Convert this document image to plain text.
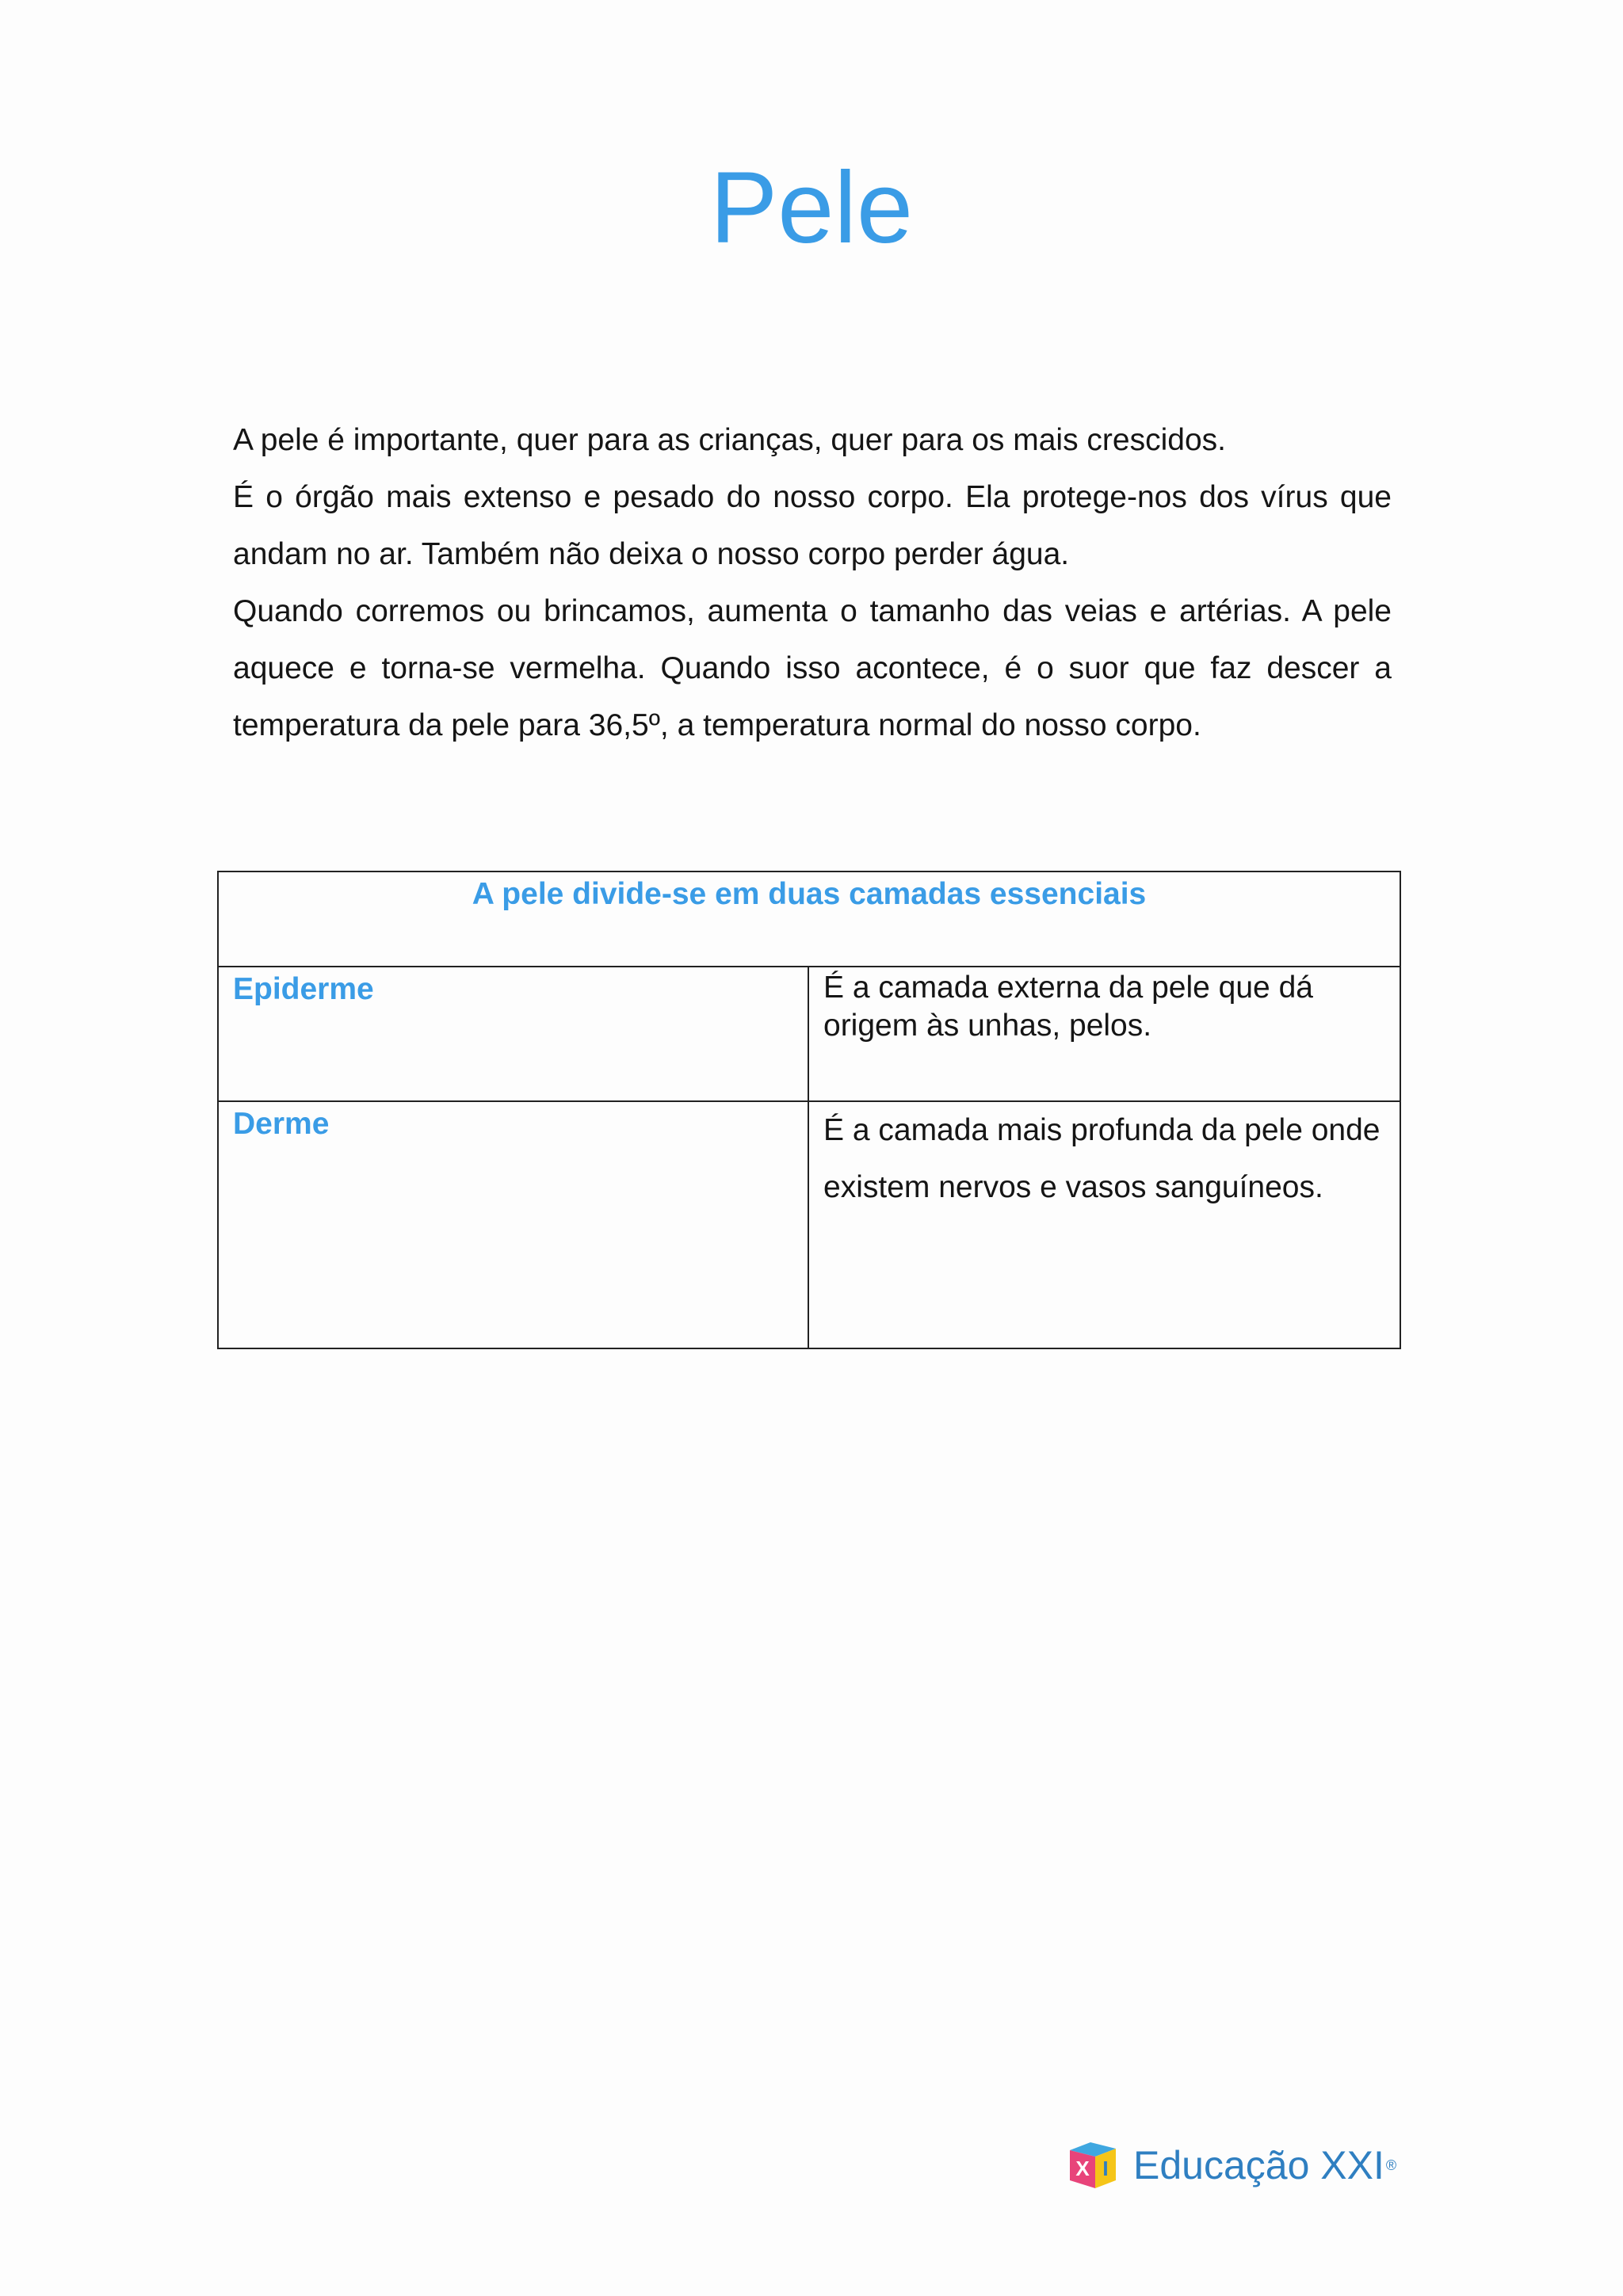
Pele

A pele é importante, quer para as crianças, quer para os mais crescidos.

É o órgão mais extenso e pesado do nosso corpo. Ela protege-nos dos vírus que andam no ar. Também não deixa o nosso corpo perder água.

Quando corremos ou brincamos, aumenta o tamanho das veias e artérias. A pele aquece e torna-se vermelha. Quando isso acontece, é o suor que faz descer a temperatura da pele para 36,5º, a temperatura normal do nosso corpo.

A pele divide-se em duas camadas essenciais	

Epiderme	É a camada externa da pele que dá origem às unhas, pelos.
Derme	É a camada mais profunda da pele onde existem nervos e vasos sanguíneos.
X I Educação XXI ®
